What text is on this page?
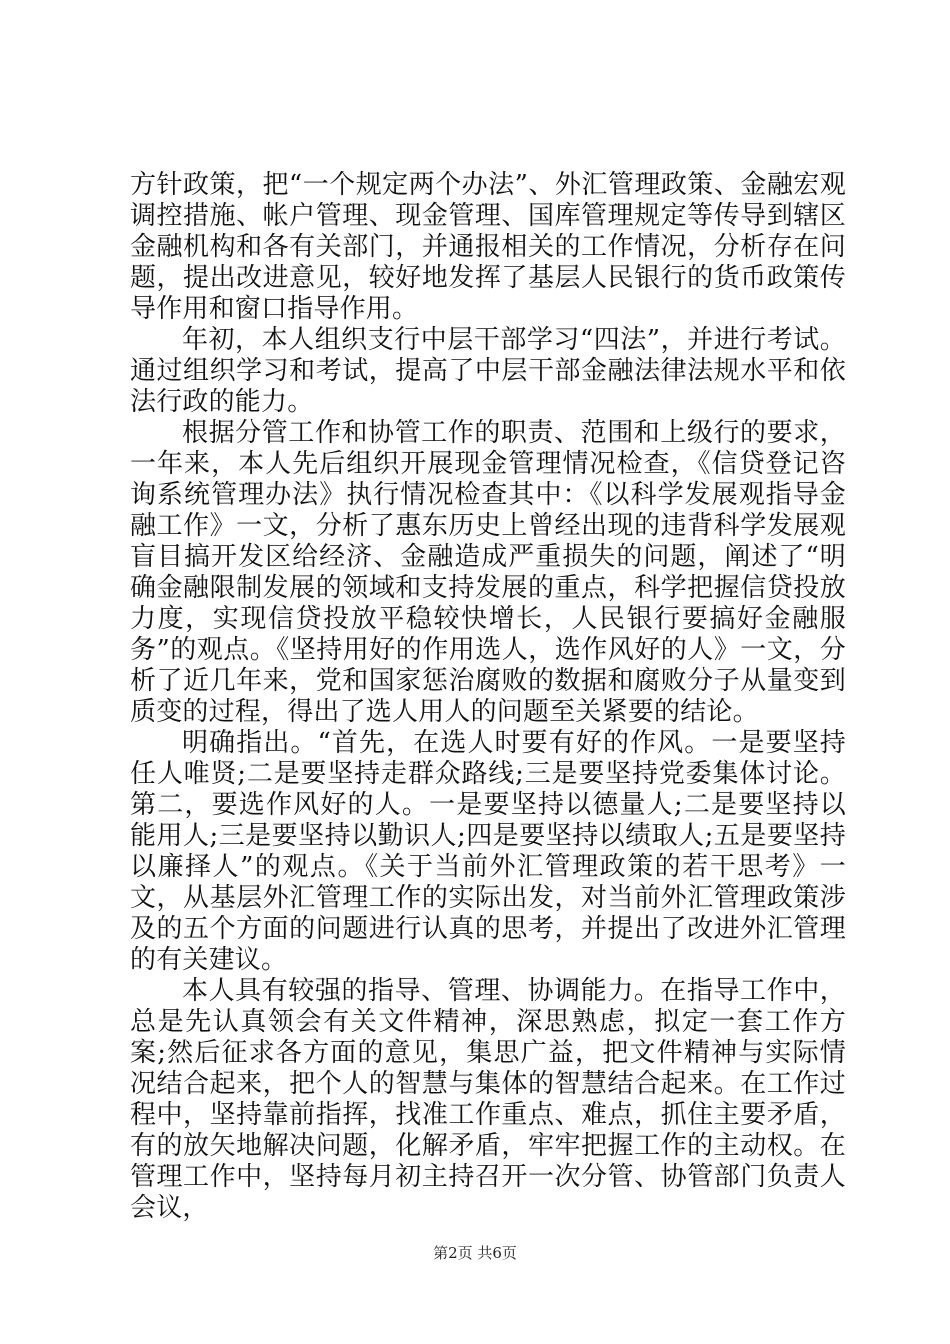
方针政策，把“一个规定两个办法”、外汇管理政策、金融宏观调控措施、帐户管理、现金管理、国库管理规定等传导到辖区金融机构和各有关部门，并通报相关的工作情况，分析存在问题，提出改进意见，较好地发挥了基层人民银行的货币政策传导作用和窗口指导作用。

年初，本人组织支行中层干部学习“四法”，并进行考试。通过组织学习和考试，提高了中层干部金融法律法规水平和依法行政的能力。

根据分管工作和协管工作的职责、范围和上级行的要求，一年来，本人先后组织开展现金管理情况检查，《信贷登记咨询系统管理办法》执行情况检查其中：《以科学发展观指导金融工作》一文，分析了惠东历史上曾经出现的违背科学发展观盲目搞开发区给经济、金融造成严重损失的问题，阐述了“明确金融限制发展的领域和支持发展的重点，科学把握信贷投放力度，实现信贷投放平稳较快增长，人民银行要搞好金融服务”的观点。《坚持用好的作用选人，选作风好的人》一文，分析了近几年来，党和国家惩治腐败的数据和腐败分子从量变到质变的过程，得出了选人用人的问题至关紧要的结论。

明确指出。“首先，在选人时要有好的作风。一是要坚持任人唯贤;二是要坚持走群众路线;三是要坚持党委集体讨论。第二，要选作风好的人。一是要坚持以德量人;二是要坚持以能用人;三是要坚持以勤识人;四是要坚持以绩取人;五是要坚持以廉择人”的观点。《关于当前外汇管理政策的若干思考》一文，从基层外汇管理工作的实际出发，对当前外汇管理政策涉及的五个方面的问题进行认真的思考，并提出了改进外汇管理的有关建议。

本人具有较强的指导、管理、协调能力。在指导工作中，总是先认真领会有关文件精神，深思熟虑，拟定一套工作方案;然后征求各方面的意见，集思广益，把文件精神与实际情况结合起来，把个人的智慧与集体的智慧结合起来。在工作过程中，坚持靠前指挥，找准工作重点、难点，抓住主要矛盾，有的放矢地解决问题，化解矛盾，牢牢把握工作的主动权。在管理工作中，坚持每月初主持召开一次分管、协管部门负责人会议，

第2页 共6页
